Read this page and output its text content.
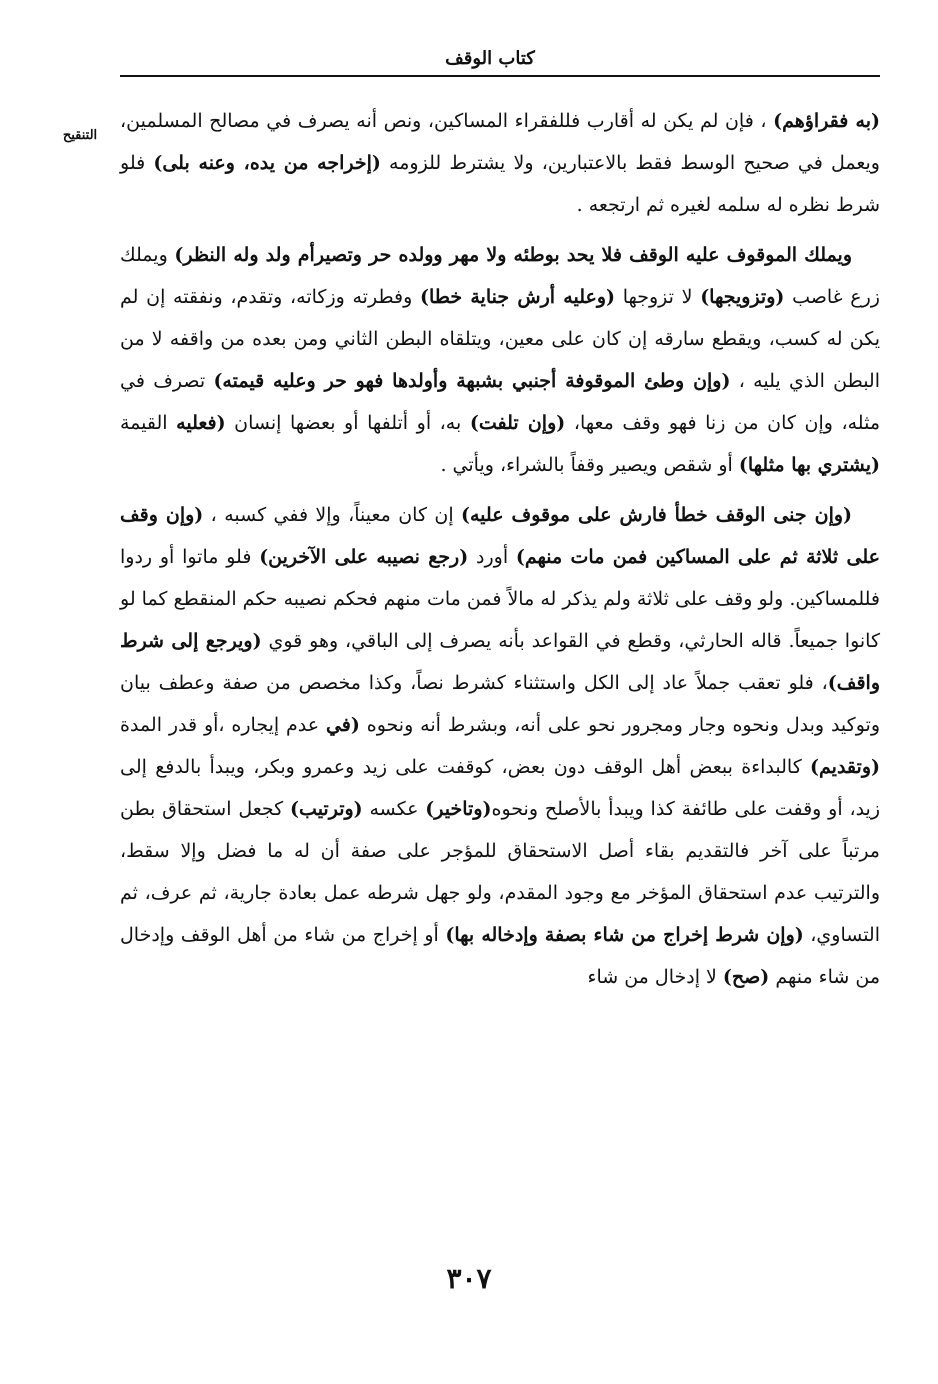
كتاب الوقف
التنقيح

(به فقراؤهم) ، فإن لم يكن له أقارب فللفقراء المساكين، ونص أنه يصرف في مصالح المسلمين، ويعمل في صحيح الوسط فقط بالاعتبارين، ولا يشترط للزومه (إخراجه من يده، وعنه بلى) فلو شرط نظره له سلمه لغيره ثم ارتجعه .

ويملك الموقوف عليه الوقف فلا يحد بوطئه ولا مهر وولده حر وتصيرأم ولد وله النظر) ويملك زرع غاصب (وتزويجها) لا تزوجها (وعليه أرش جناية خطا) وفطرته وزكاته، وتقدم، ونفقته إن لم يكن له كسب، ويقطع سارقه إن كان على معين، ويتلقاه البطن الثاني ومن بعده من واقفه لا من البطن الذي يليه ، (وإن وطئ الموقوفة أجنبي بشبهة وأولدها فهو حر وعليه قيمته) تصرف في مثله، وإن كان من زنا فهو وقف معها، (وإن تلفت) به، أو أتلفها أو بعضها إنسان (فعليه القيمة (يشتري بها مثلها) أو شقص ويصير وقفاً بالشراء، ويأتي .

(وإن جنى الوقف خطأ فارش على موقوف عليه) إن كان معيناً، وإلا ففي كسبه ، (وإن وقف على ثلاثة ثم على المساكين فمن مات منهم) أورد (رجع نصيبه على الآخرين) فلو ماتوا أو ردوا فللمساكين. ولو وقف على ثلاثة ولم يذكر له مالاً فمن مات منهم فحكم نصيبه حكم المنقطع كما لو كانوا جميعاً. قاله الحارثي، وقطع في القواعد بأنه يصرف إلى الباقي، وهو قوي (ويرجع إلى شرط واقف)، فلو تعقب جملاً عاد إلى الكل واستثناء كشرط نصاً، وكذا مخصص من صفة وعطف بيان وتوكيد وبدل ونحوه وجار ومجرور نحو على أنه، وبشرط أنه ونحوه (في عدم إيجاره ،أو قدر المدة (وتقديم) كالبداءة ببعض أهل الوقف دون بعض، كوقفت على زيد وعمرو وبكر، ويبدأ بالدفع إلى زيد، أو وقفت على طائفة كذا ويبدأ بالأصلح ونحوه(وتاخير) عكسه (وترتيب) كجعل استحقاق بطن مرتباً على آخر فالتقديم بقاء أصل الاستحقاق للمؤجر على صفة أن له ما فضل وإلا سقط، والترتيب عدم استحقاق المؤخر مع وجود المقدم، ولو جهل شرطه عمل بعادة جارية، ثم عرف، ثم التساوي، (وإن شرط إخراج من شاء بصفة وإدخاله بها) أو إخراج من شاء من أهل الوقف وإدخال من شاء منهم (صح) لا إدخال من شاء

٣٠٧
